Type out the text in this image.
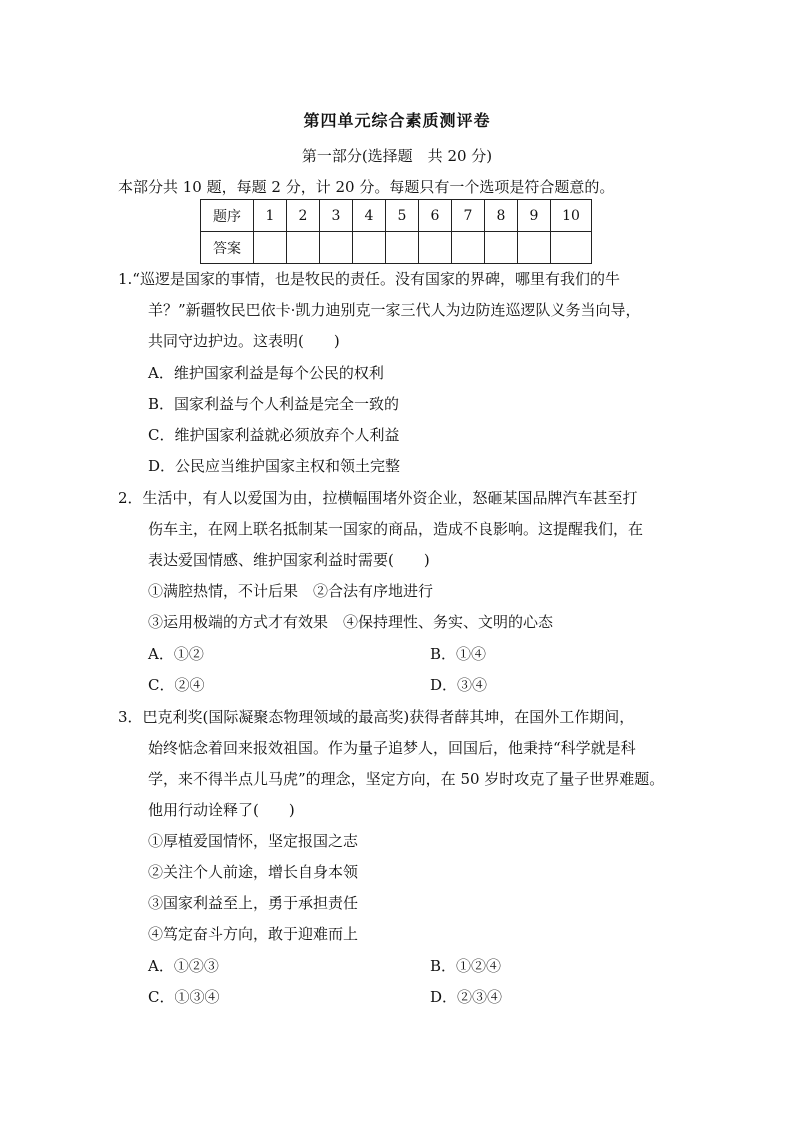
第四单元综合素质测评卷
第一部分(选择题　共 20 分)
本部分共 10 题，每题 2 分，计 20 分。每题只有一个选项是符合题意的。
题序	1	2	3	4	5	6	7	8	9	10
答案										
1.“巡逻是国家的事情，也是牧民的责任。没有国家的界碑，哪里有我们的牛
羊？”新疆牧民巴依卡·凯力迪别克一家三代人为边防连巡逻队义务当向导，
共同守边护边。这表明(　　)
A．维护国家利益是每个公民的权利
B．国家利益与个人利益是完全一致的
C．维护国家利益就必须放弃个人利益
D．公民应当维护国家主权和领土完整
2．生活中，有人以爱国为由，拉横幅围堵外资企业，怒砸某国品牌汽车甚至打
伤车主，在网上联名抵制某一国家的商品，造成不良影响。这提醒我们，在
表达爱国情感、维护国家利益时需要(　　)
①满腔热情，不计后果　②合法有序地进行
③运用极端的方式才有效果　④保持理性、务实、文明的心态
A．①②	B．①④
C．②④	D．③④
3．巴克利奖(国际凝聚态物理领域的最高奖)获得者薛其坤，在国外工作期间，
始终惦念着回来报效祖国。作为量子追梦人，回国后，他秉持“科学就是科
学，来不得半点儿马虎”的理念，坚定方向，在 50 岁时攻克了量子世界难题。
他用行动诠释了(　　)
①厚植爱国情怀，坚定报国之志
②关注个人前途，增长自身本领
③国家利益至上，勇于承担责任
④笃定奋斗方向，敢于迎难而上
A．①②③	B．①②④
C．①③④	D．②③④
